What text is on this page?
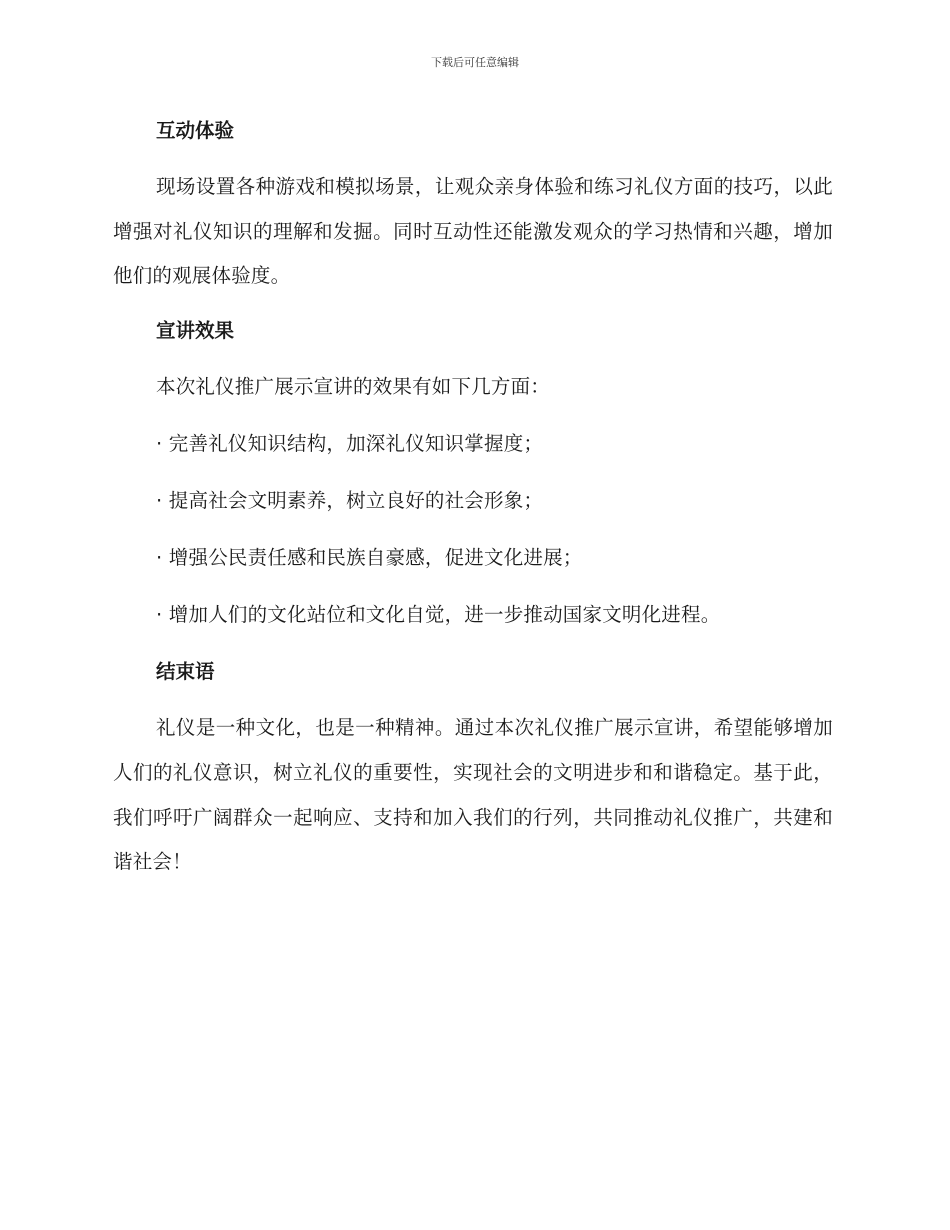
下载后可任意编辑
互动体验

现场设置各种游戏和模拟场景，让观众亲身体验和练习礼仪方面的技巧，以此增强对礼仪知识的理解和发掘。同时互动性还能激发观众的学习热情和兴趣，增加他们的观展体验度。

宣讲效果

本次礼仪推广展示宣讲的效果有如下几方面：

· 完善礼仪知识结构，加深礼仪知识掌握度；

· 提高社会文明素养，树立良好的社会形象；

· 增强公民责任感和民族自豪感，促进文化进展；

· 增加人们的文化站位和文化自觉，进一步推动国家文明化进程。

结束语

礼仪是一种文化，也是一种精神。通过本次礼仪推广展示宣讲，希望能够增加人们的礼仪意识，树立礼仪的重要性，实现社会的文明进步和和谐稳定。基于此，我们呼吁广阔群众一起响应、支持和加入我们的行列，共同推动礼仪推广，共建和谐社会！
